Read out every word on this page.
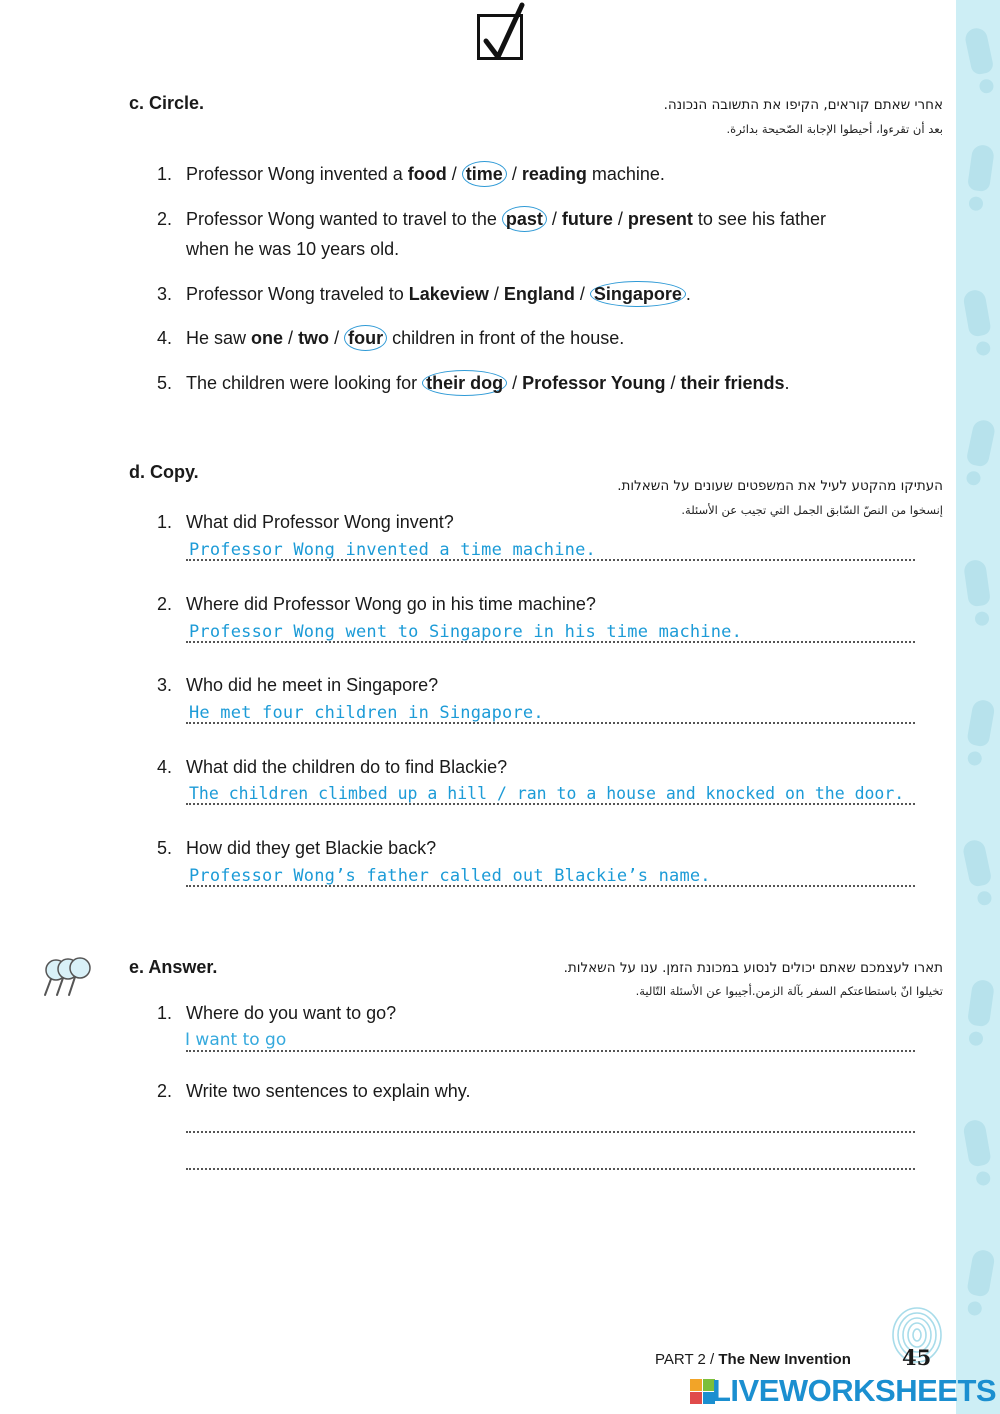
c. Circle.	אחרי שאתם קוראים, הקיפו את התשובה הנכונה.
بعد أن تقرءوا، أحيطوا الإجابة الصّحيحة بدائرة.
1. Professor Wong invented a food / time / reading machine.
2. Professor Wong wanted to travel to the past / future / present to see his father
when he was 10 years old.
3. Professor Wong traveled to Lakeview / England / Singapore .
4. He saw one / two / four children in front of the house.
5. The children were looking for their dog / Professor Young / their friends.
d. Copy.
העתיקו מהקטע לעיל את המשפטים שעונים על השאלות.
إنسخوا من النصّ السّابق الجمل التي تجيب عن الأسئلة.
1. What did Professor Wong invent?
Professor Wong invented a time machine.
2. Where did Professor Wong go in his time machine?
Professor Wong went to Singapore in his time machine.
3. Who did he meet in Singapore?
He met four children in Singapore.
4. What did the children do to find Blackie?
The children climbed up a hill / ran to a house and knocked on the door.
5. How did they get Blackie back?
Professor Wong’s father called out Blackie’s name.
e. Answer.	תארו לעצמכם שאתם יכולים לנסוע במכונת הזמן. ענו על השאלות.
تخيلوا انّ باستطاعتكم السفر بآلة الزمن.أجيبوا عن الأسئلة التّالية.
1. Where do you want to go?
I want to go
2. Write two sentences to explain why.
PART 2 / The New Invention 45
LIVEWORKSHEETS
